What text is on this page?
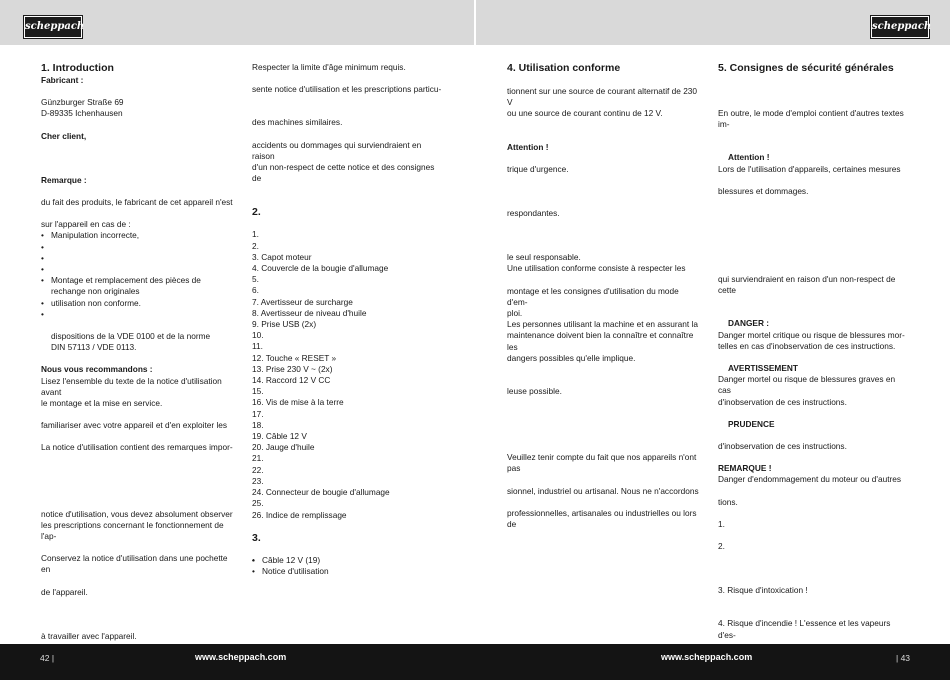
scheppach	scheppach

1. Introduction

Fabricant :

Günzburger Straße 69

D-89335 Ichenhausen

Cher client,

Remarque :

du fait des produits, le fabricant de cet appareil n'est

sur l'appareil en cas de :

• Manipulation incorrecte,
•
•
•
• Montage et remplacement des pièces de rechange non originales
• utilisation non conforme.
•

dispositions de la VDE 0100 et de la norme

DIN 57113 / VDE 0113.

Nous vous recommandons :

Lisez l'ensemble du texte de la notice d'utilisation avant

le montage et la mise en service.

familiariser avec votre appareil et d'en exploiter les

La notice d'utilisation contient des remarques impor-

notice d'utilisation, vous devez absolument observer

les prescriptions concernant le fonctionnement de l'ap-

Conservez la notice d'utilisation dans une pochette en

de l'appareil.

à travailler avec l'appareil.

Respecter la limite d'âge minimum requis.

sente notice d'utilisation et les prescriptions particu-

des machines similaires.

accidents ou dommages qui surviendraient en raison

d'un non-respect de cette notice et des consignes de

2.

1.
2.
3. Capot moteur
4. Couvercle de la bougie d'allumage
5.
6.
7. Avertisseur de surcharge
8. Avertisseur de niveau d'huile
9. Prise USB (2x)
10.
11.
12. Touche « RESET »
13. Prise 230 V ~ (2x)
14. Raccord 12 V CC
15.
16. Vis de mise à la terre
17.
18.
19. Câble 12 V
20. Jauge d'huile
21.
22.
23.
24. Connecteur de bougie d'allumage
25.
26. Indice de remplissage

3.

• Câble 12 V (19)
• Notice d'utilisation

4. Utilisation conforme

tionnent sur une source de courant alternatif de 230 V

ou une source de courant continu de 12 V.

Attention !

trique d'urgence.

respondantes.

le seul responsable.

Une utilisation conforme consiste à respecter les

montage et les consignes d'utilisation du mode d'em-

ploi.

Les personnes utilisant la machine et en assurant la

maintenance doivent bien la connaître et connaître les

dangers possibles qu'elle implique.

leuse possible.

Veuillez tenir compte du fait que nos appareils n'ont pas

sionnel, industriel ou artisanal. Nous ne n'accordons

professionnelles, artisanales ou industrielles ou lors de

5. Consignes de sécurité générales

En outre, le mode d'emploi contient d'autres textes im-

Attention !

Lors de l'utilisation d'appareils, certaines mesures

blessures et dommages.

qui surviendraient en raison d'un non-respect de cette

DANGER :

Danger mortel critique ou risque de blessures mor-

telles en cas d'inobservation de ces instructions.

AVERTISSEMENT

Danger mortel ou risque de blessures graves en cas

d'inobservation de ces instructions.

PRUDENCE

d'inobservation de ces instructions.

REMARQUE !

Danger d'endommagement du moteur ou d'autres

tions.

1.

2.

3. Risque d'intoxication !

4. Risque d'incendie ! L'essence et les vapeurs d'es-

42 |	www.scheppach.com	www.scheppach.com	| 43
